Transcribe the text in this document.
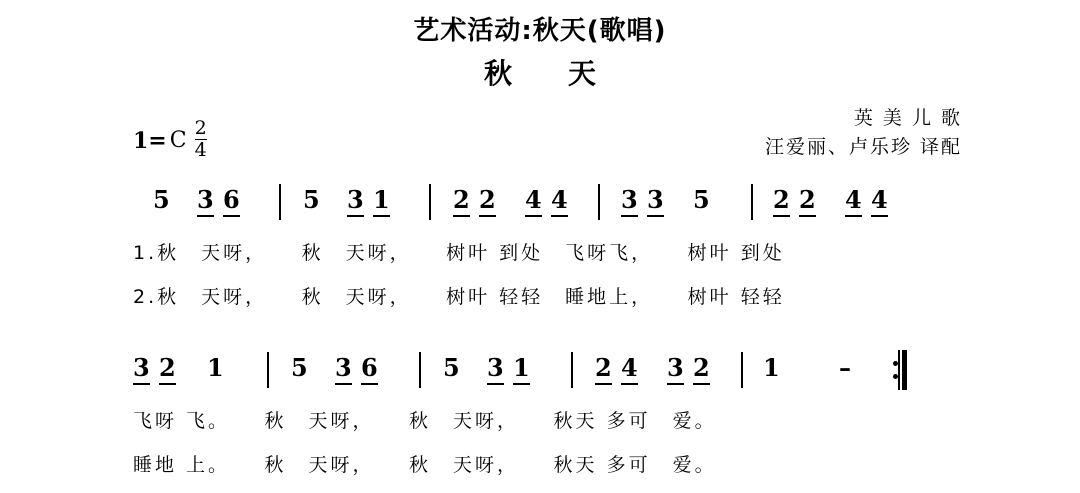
艺术活动:秋天(歌唱)
秋　天
1= C $\frac{2}{4}$
英 美 儿 歌
汪爱丽、卢乐珍 译配
5 3 6	5 3 1	2 2 4 4 3 3 5	2 2 4 4
1.秋　天呀，　　秋　天呀，　　树叶 到处　飞呀飞，　　树叶 到处
2.秋　天呀，　　秋　天呀，　　树叶 轻轻　睡地上，　　树叶 轻轻
3 2 1	5 3 6	5 3 1	2 4 3 2 1 –
飞呀 飞。　　秋　天呀，　　秋　天呀，　　秋天 多可　爱。
睡地 上。　　秋　天呀，　　秋　天呀，　　秋天 多可　爱。
